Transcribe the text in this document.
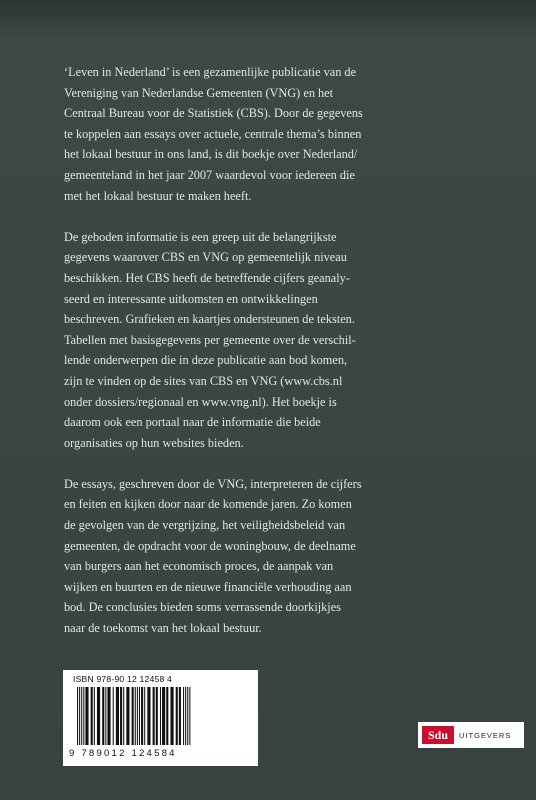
‘Leven in Nederland’ is een gezamenlijke publicatie van de
Vereniging van Nederlandse Gemeenten (VNG) en het
Centraal Bureau voor de Statistiek (CBS). Door de gegevens
te koppelen aan essays over actuele, centrale thema’s binnen
het lokaal bestuur in ons land, is dit boekje over Nederland/
gemeenteland in het jaar 2007 waardevol voor iedereen die
met het lokaal bestuur te maken heeft.

De geboden informatie is een greep uit de belangrijkste
gegevens waarover CBS en VNG op gemeentelijk niveau
beschikken. Het CBS heeft de betreffende cijfers geanaly-
seerd en interessante uitkomsten en ontwikkelingen
beschreven. Grafieken en kaartjes ondersteunen de teksten.
Tabellen met basisgegevens per gemeente over de verschil-
lende onderwerpen die in deze publicatie aan bod komen,
zijn te vinden op de sites van CBS en VNG (www.cbs.nl
onder dossiers/regionaal en www.vng.nl). Het boekje is
daarom ook een portaal naar de informatie die beide
organisaties op hun websites bieden.

De essays, geschreven door de VNG, interpreteren de cijfers
en feiten en kijken door naar de komende jaren. Zo komen
de gevolgen van de vergrijzing, het veiligheidsbeleid van
gemeenten, de opdracht voor de woningbouw, de deelname
van burgers aan het economisch proces, de aanpak van
wijken en buurten en de nieuwe financiële verhouding aan
bod. De conclusies bieden soms verrassende doorkijkjes
naar de toekomst van het lokaal bestuur.

ISBN 978-90 12 12458 4
9 789012 124584
Sdu	UITGEVERS
